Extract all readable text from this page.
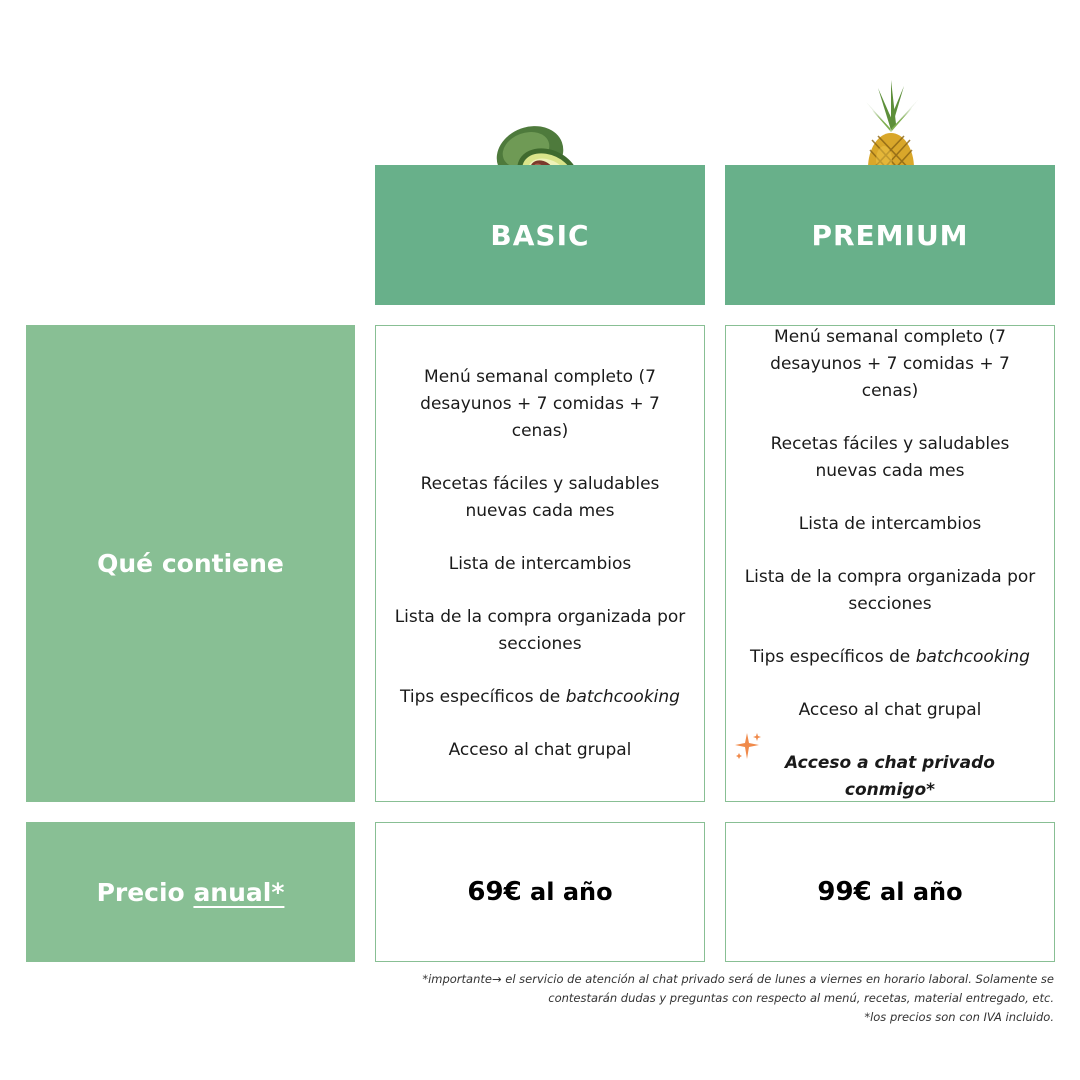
BASIC	PREMIUM
Qué contiene
Precio anual*
Menú semanal completo (7 desayunos + 7 comidas + 7 cenas)
Recetas fáciles y saludables nuevas cada mes
Lista de intercambios
Lista de la compra organizada por secciones
Tips específicos de batchcooking
Acceso al chat grupal
Menú semanal completo (7 desayunos + 7 comidas + 7 cenas)
Recetas fáciles y saludables nuevas cada mes
Lista de intercambios
Lista de la compra organizada por secciones
Tips específicos de batchcooking
Acceso al chat grupal
Acceso a chat privado conmigo*
69€ al año	99€ al año
*importante→ el servicio de atención al chat privado será de lunes a viernes en horario laboral. Solamente se contestarán dudas y preguntas con respecto al menú, recetas, material entregado, etc.
*los precios son con IVA incluido.
